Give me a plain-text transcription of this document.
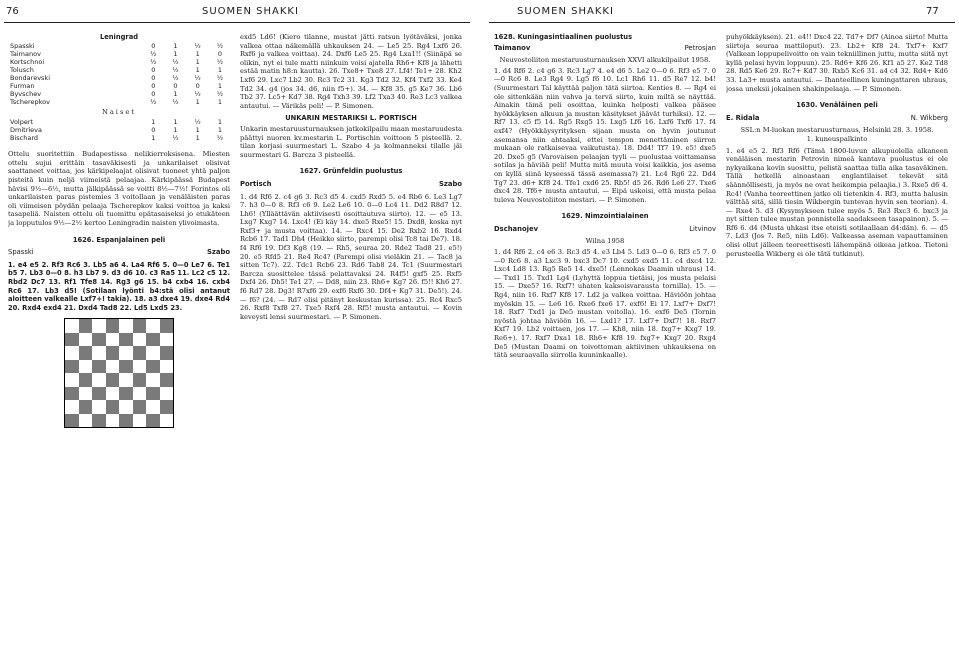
76	SUOMEN SHAKKI	SUOMEN SHAKKI	77
Leningrad
Spasski	0	1	½	½
Taimanov	½	1	1	0
Kortschnoi	½	½	1	½
Tolusch	0	½	1	1
Bondarevski	0	½	½	½
Furman	0	0	0	1
Byvschev	0	1	½	½
Tscherepkov	½	½	1	1
Naiset
Volpert	1	1	½	1
Dmitrieva	0	1	1	1
Bischard	1	½	1	½

Ottelu suoritettiin Budapestissa nelikierroksisena. Miesten ottelu sujui erittäin tasaväkisesti ja unkarilaiset olisivat saattaneet voittaa, jos kärkipelaajat olisivat tuoneet yhtä paljon pisteitä kuin neljä viimeistä pelaajaa. Kärkipäässä Budapest hävisi 9½—6½, mutta jälkipäässä se voitti 8½—7½! Forintos oli unkarilaisten paras pistemies 3 voitollaan ja venäläisten paras oli viimeisen pöydän pelaaja Tscherepkov kaksi voittoa ja kaksi tasapeliä. Naisten ottelu oli tuomittu epätasaiseksi jo etukäteen ja lopputulos 9½—2½ kertoo Leningradin naisten ylivoimasta.

1626. Espanjalainen peli
Spasski	Szabo

1. e4 e5 2. Rf3 Rc6 3. Lb5 a6 4. La4 Rf6 5. 0—0 Le7 6. Te1 b5 7. Lb3 0—0 8. h3 Lb7 9. d3 d6 10. c3 Ra5 11. Lc2 c5 12. Rbd2 Dc7 13. Rf1 Tfe8 14. Rg3 g6 15. b4 cxb4 16. cxb4 Rc6 17. Lb3 d5! (Sotilaan lyönti b4:stä olisi antanut aloitteen valkealle Lxf7+! takia). 18. a3 dxe4 19. dxe4 Rd4 20. Rxd4 exd4 21. Dxd4 Tad8 22. Ld5 Lxd5 23.

exd5 Ld6! (Kiero tilanne, mustat jätti ratsun lyötäväksi, jonka valkea ottaa näkemällä uhkauksen 24. — Le5 25. Rg4 Lxf6 26. Rxf6 ja valkea voittaa). 24. Dxf6 Le5 25. Rg4 Lxa1!! (Siinäpä se olikin, nyt ei tule matti niinkuin voisi ajatella Rh6+ Kf8 ja lähetti estää matin h8:n kautta). 26. Txe8+ Txe8 27. Lf4! Te1+ 28. Kh2 Lxf6 29. Lxc7 Lb2 30. Rc3 Tc2 31. Kg3 Td2 32. Kf4 Txf2 33. Ke4 Td2 34. g4 (jos 34. d6, niin f5+). 34. — Kf8 35. g5 Ke7 36. Lb6 Tb2 37. Lc5+ Kd7 38. Rg4 Txh3 39. Lf2 Txa3 40. Re3 Lc3 valkea antautui. — Värikäs peli! — P. Simonen.

UNKARIN MESTARIKSI L. PORTISCH

Unkarin mestaruusturnauksen jatkokilpailu maan mestaruudesta päättyi nuoren kv.mestarin L. Portischin voittoon 5 pisteellä. 2. tilan korjasi suurmestari L. Szabo 4 ja kolmanneksi tilalle jäi suurmestari G. Barcza 3 pisteellä.

1627. Grünfeldin puolustus
Portisch	Szabo

1. d4 Rf6 2. c4 g6 3. Rc3 d5 4. cxd5 Rxd5 5. e4 Rb6 6. Le3 Lg7 7. h3 0—0 8. Rf3 c6 9. Le2 Le6 10. 0—0 Lc4 11. Dd2 R8d7 12. Lh6! (Ylläättävän aktiivisesti osoittautuva siirto). 12. — e5 13. Lxg7 Kxg7 14. Lxc4! (Ei käy 14. dxe5 Rxe5! 15. Dxd8, koska nyt Rxf3+ ja musta voittaa). 14. — Rxc4 15. De2 Rxb2 16. Rxd4 Rcb6 17. Tad1 Dh4 (Heikko siirto, parempi olisi Tc8 tai De7). 18. f4 Rf6 19. Df3 Kg8 (19. — Rh5, seuraa 20. Rde2 Tad8 21. e5!) 20. e5 Rfd5 21. Re4 Rc4? (Parempi olisi vieläkin 21. — Tac8 ja sitten Tc7). 22. Tdc1 Rcb6 23. Rd6 Tab8 24. Tc1 (Suurmestari Barcza suosittelee tässä pelattavaksi 24. R4f5! gxf5 25. Rxf5 Dxf4 26. Dh5! Te1 27. — Dd8, niin 23. Rh6+ Kg7 26. f5!! Kh6 27. f6 Rd7 28. Dg3! R7xf6 29. exf6 Rxf6 30. Df4+ Kg7 31. De5!). 24. — f6? (24. — Rd7 olisi pitänyt keskustan kurissa). 25. Rc4 Rxc5 26. Rxf8 Txf8 27. Txe5 Rxf4 28. Rf5! musta antautui. — Kovin keveysti lensi suurmestari. — P. Simonen.

1628. Kuningasintiaalinen puolustus
Taimanov	Petrosjan

Neuvostoliiton mestaruusturnauksen XXVI alkukilpailut 1958.

1. d4 Rf6 2. c4 g6 3. Rc3 Lg7 4. e4 d6 5. Le2 0—0 6. Rf3 e5 7. 0—0 Rc6 8. Le3 Rg4 9. Lg5 f6 10. Lc1 Rh6 11. d5 Re7 12. b4! (Suurmestari Tal käyttää paljon tätä siirtoa. Kenties 8. — Rg4 ei ole sittenkään niin vahva ja tervä siirto, kuin miltä se näyttää. Ainakin tämä peli osoittaa, kuinka helposti valkea pääsee hyökkäyksen alkuun ja mustan käsitykset jäävät turhiksi). 12. — Rf7 13. c5 f5 14. Rg5 Rxg5 15. Lxg5 Lf6 16. Lxf6 Txf6 17. f4 exf4? (Hyökkäysyrityksen sijaan musta on hyvin joutunut asemansa niin ahtaaksi, ettei tempon menettäminen siirron mukaan ole ratkaisevaa vaikutusta). 18. Dd4! Tf7 19. e5! dxe5 20. Dxe5 g5 (Varovaisen pelaajan tyyli — puolustaa voittamansa sotilas ja häviää peli! Mutta mitä muuta voisi kaikkia, jos asema on kyllä siinä kyseessä tässä asemassa?) 21. Lc4 Rg6 22. Dd4 Tg7 23. d6+ Kf8 24. Tfe1 cxd6 25. Rb5! d5 26. Rd6 Le6 27. Txe6 dxc4 28. Tf6+ musta antautui. — Eipä uskoisi, että musta pelaa tuleva Neuvostoliiton mestari. — P. Simonen.

1629. Nimzointialainen
Dschanojev	Litvinov
Wilna 1958

1. d4 Rf6 2. c4 e6 3. Rc3 d5 4. e3 Lb4 5. Ld3 0—0 6. Rf3 c5 7. 0—0 Rc6 8. a3 Lxc3 9. bxc3 Dc7 10. cxd5 exd5 11. c4 dxc4 12. Lxc4 Ld8 13. Rg5 Re5 14. dxe5! (Lennokas Daamin uhraus) 14. — Txd1 15. Txd1 Lg4 (Lyhyttä loppua tietäisi, jos musta pelaisi 15. — Dxe5? 16. Rxf7! uhaten kaksoisvarausta tornilla). 15. — Rg4, niin 16. Rxf7 Kf8 17. Ld2 ja valkea voittaa. Häviöön johtaa myöskin 15. — Le6 16. Rxe6 fxe6 17. exf6! Ei 17. Lxf7+ Dxf7! 18. Rxf7 Txd1 ja De5 mustan voitolla). 16. exf6 De5 (Tornin nyöstä johtaa häviöön 16. — Lxd1? 17. Lxf7+ Dxf7! 18. Rxf7 Kxf7 19. Lb2 voittaen, jos 17. — Kh8, niin 18. fxg7+ Kxg7 19. Re6+). 17. Rxf7 Dxa1 18. Rh6+ Kf8 19. fxg7+ Kxg7 20. Rxg4 De5 (Mustan Daami on toivottoman aktiivinen uhkauksena on tätä seuraavalla siirrolla kuuninkaalle).

puhyökkäyksen). 21. e4!! Dxc4 22. Td7+ Df7 (Ainoa siirto! Mutta siirtoja seuraa mattiloput). 23. Lb2+ Kf8 24. Txf7+ Kxf7 (Valkean loppupelivoitto on vain tekniillinen juttu, mutta siitä nyt kyllä pelasi hyvin loppuun). 25. Rd6+ Kf6 26. Kf1 a5 27. Ke2 Td8 28. Rd5 Ke6 29. Rc7+ Kd7 30. Rxb5 Kc6 31. a4 c4 32. Rd4+ Kd6 33. La3+ musta antautui. — Ihanteellinen kuningattaren uhraus, jossa uneksii jokainen shakinpelaaja. — P. Simonen.

1630. Venäläinen peli
E. Ridala	N. Wikberg
SSL:n M-luokan mestaruusturnaus, Helsinki 28. 3. 1958.
1. kuneuspalkinto

1. e4 e5 2. Rf3 Rf6 (Tämä 1800-luvun alkupuolella alkaneen venäläisen mestarin Petrovin nimeä kantava puolustus ei ole nykyaikana kovin suosittu, pelistä saattaa tulla aika tasaväkinen. Tällä hetkellä ainoastaan englantilaiset tekevät sitä säännöllisesti, ja myös ne ovat heikompia pelaajia.) 3. Rxe5 d6 4. Rc4! (Vanha teoreettinen jatko oli tietenkin 4. Rf3, mutta halusin välttää sitä, sillä tiesin Wikbergin tuntevan hyvin sen teorian). 4. — Rxe4 5. d3 (Kysymykseen tulee myös 5. Re3 Rxc3 6. bxc3 ja nyt sitten tulee mustan ponnistella saadakseen tasapainon). 5. — Rf6 6. d4 (Musta uhkasi itse eteisti sotilaallaan d4:dän). 6. — d5 7. Ld3 (Jos 7. Re5, niin Ld6). Valkeassa aseman vapauttaminen olisi ollut jälleen teoreettisesti lähempänä oikeaa jatkoa. Tietoni perusteella Wikberg ei ole tätä tutkinut).
